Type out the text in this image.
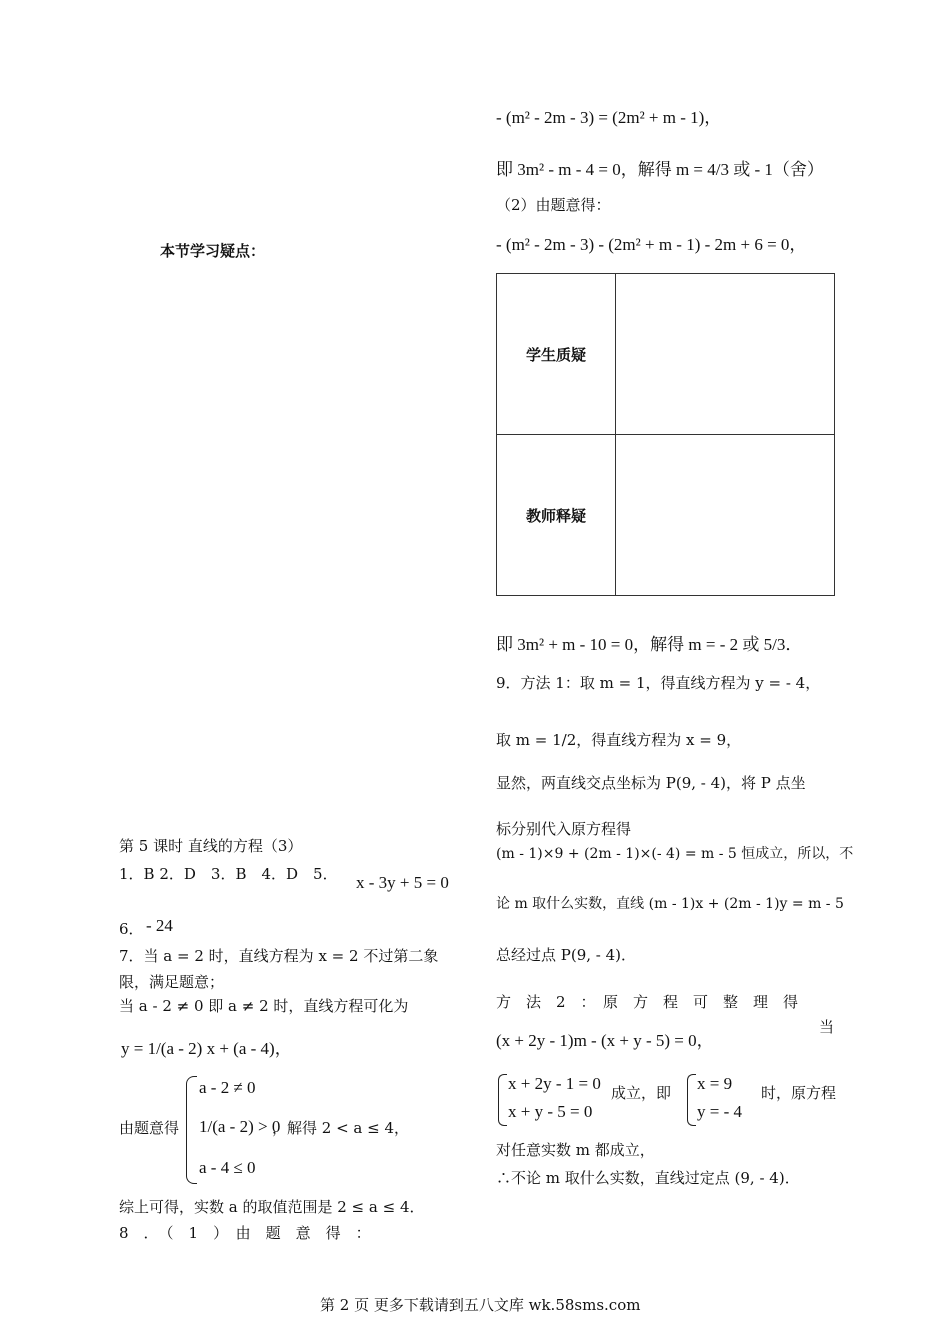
本节学习疑点：
第 5 课时 直线的方程（3）
1．B 2．D　3．B　4．D　5． x - 3y + 5 = 0
6． - 24
7．当 a = 2 时，直线方程为 x = 2 不过第二象
限，满足题意；
当 a - 2 ≠ 0 即 a ≠ 2 时，直线方程可化为
y = 1/(a - 2) x + (a - 4)，
由题意得
a - 2 ≠ 0
1/(a - 2) > 0
a - 4 ≤ 0
，解得 2 < a ≤ 4，
综上可得，实数 a 的取值范围是 2 ≤ a ≤ 4．
8　．　（　1　）　由　题　意　得　：
- (m² - 2m - 3) = (2m² + m - 1)，
即 3m² - m - 4 = 0，解得 m = 4/3 或 - 1（舍）
（2）由题意得：
- (m² - 2m - 3) - (2m² + m - 1) - 2m + 6 = 0，
学生质疑	
教师释疑	
即 3m² + m - 10 = 0，解得 m = - 2 或 5/3．
9．方法 1：取 m = 1，得直线方程为 y = - 4，
取 m = 1/2，得直线方程为 x = 9，
显然，两直线交点坐标为 P(9, - 4)，将 P 点坐
标分别代入原方程得
(m - 1)×9 + (2m - 1)×(- 4) = m - 5 恒成立，所以，不
论 m 取什么实数，直线 (m - 1)x + (2m - 1)y = m - 5
总经过点 P(9, - 4)．
方　法　2　：　原　方　程　可　整　理　得
(x + 2y - 1)m - (x + y - 5) = 0，
当
x + 2y - 1 = 0
x + y - 5 = 0
成立，即 x = 9
y = - 4
时，原方程
对任意实数 m 都成立，
∴不论 m 取什么实数，直线过定点 (9, - 4)．
第 2 页 更多下载请到五八文库 wk.58sms.com
